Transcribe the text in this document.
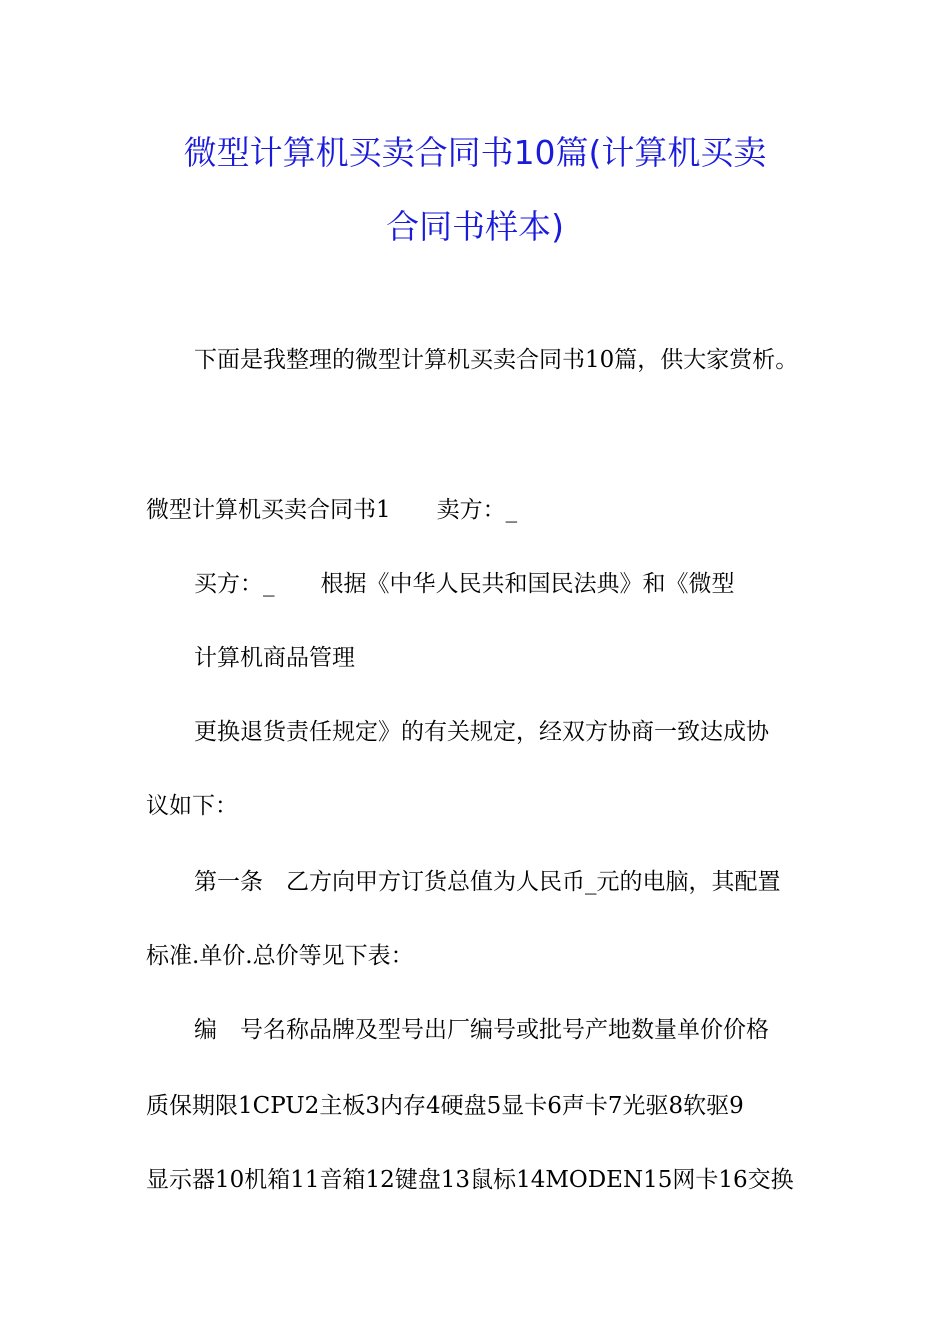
微型计算机买卖合同书10篇(计算机买卖
合同书样本)
下面是我整理的微型计算机买卖合同书10篇，供大家赏析。
微型计算机买卖合同书1　　卖方：_
买方：_　　根据《中华人民共和国民法典》和《微型
计算机商品管理
更换退货责任规定》的有关规定，经双方协商一致达成协
议如下：
第一条　乙方向甲方订货总值为人民币_元的电脑，其配置
标准.单价.总价等见下表：
编　号名称品牌及型号出厂编号或批号产地数量单价价格
质保期限1CPU2主板3内存4硬盘5显卡6声卡7光驱8软驱9
显示器10机箱11音箱12键盘13鼠标14MODEN15网卡16交换
